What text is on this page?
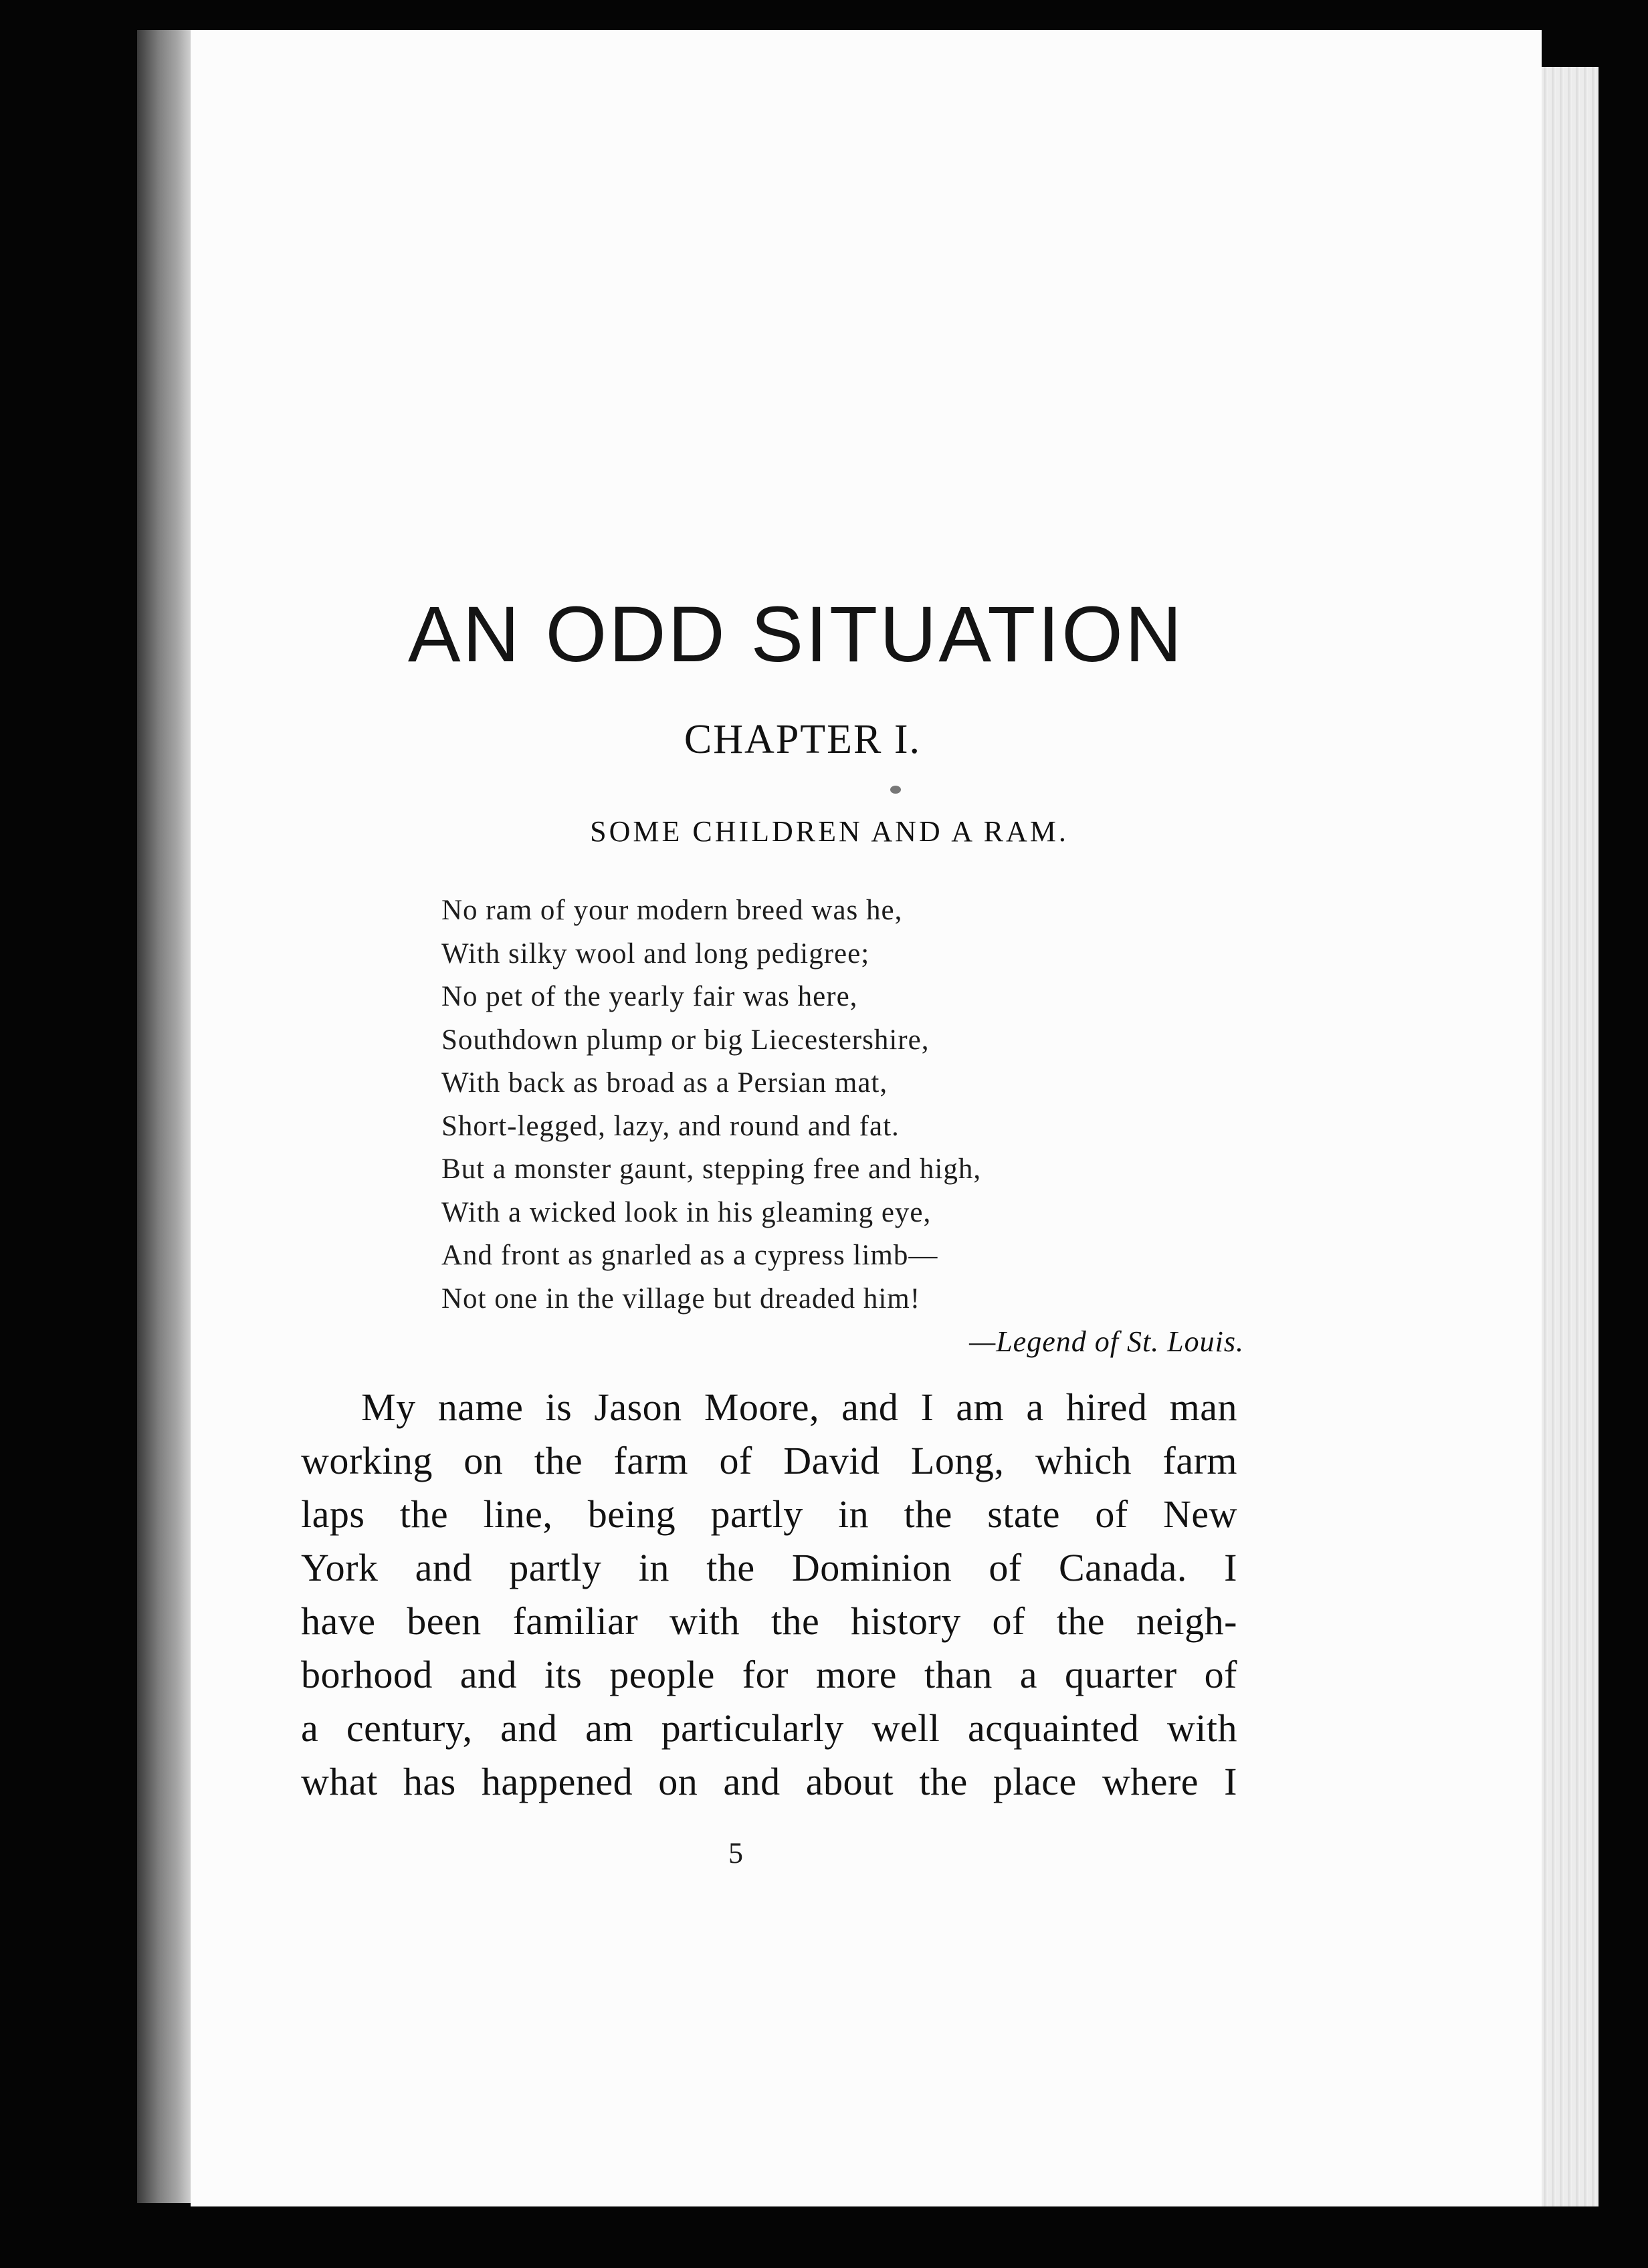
AN ODD SITUATION
CHAPTER I.
SOME CHILDREN AND A RAM.
No ram of your modern breed was he,
With silky wool and long pedigree;
No pet of the yearly fair was here,
Southdown plump or big Liecestershire,
With back as broad as a Persian mat,
Short-legged, lazy, and round and fat.
But a monster gaunt, stepping free and high,
With a wicked look in his gleaming eye,
And front as gnarled as a cypress limb—
Not one in the village but dreaded him!

—Legend of St. Louis.

My name is Jason Moore, and I am a hired man
working on the farm of David Long, which farm
laps the line, being partly in the state of New
York and partly in the Dominion of Canada. I
have been familiar with the history of the neigh-
borhood and its people for more than a quarter of
a century, and am particularly well acquainted with
what has happened on and about the place where I

5
